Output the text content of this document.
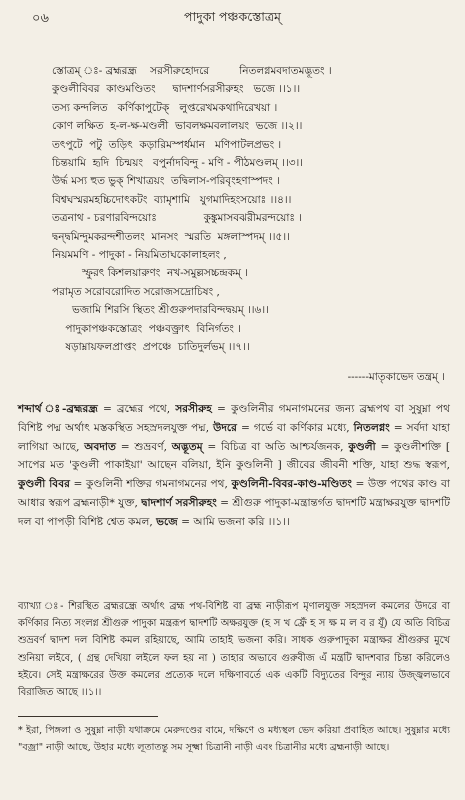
০৬	পাদুকা পঞ্চকস্তোত্রম্
স্তোত্রম্ ঃ- ব্রহ্মরন্ধ্র    সরসীরুহোদরে         নিতলগ্নমবদাতমদ্ভূতং ।
কুণ্ডলীবিবর  কাণ্ডমণ্ডিতং     দ্বাদশার্ণসরসীরুহং   ভজে ।।১।।
তস্য কন্দলিত   কর্ণিকাপুটেক্   লুপ্তরেখমকথাদিরেখয়া ।
কোণ লক্ষিত  হ-ল-ক্ষ-মণ্ডলী  ভাবলক্ষমবলালয়ং  ভজে ।।২।।
তৎপুটে  পটু  তড়িৎ  কড়ারিমস্পর্ধমান   মণিপাটলপ্রভং ।
চিন্তয়ামি  হৃদি  চিন্ময়ং   বপুর্নাদবিন্দু - মণি - পীঠমণ্ডলম্ ।।৩।।
উর্দ্ধ মস্য হুত ভুক্ শিখাত্রয়ং  তদ্বিলাস-পরিবৃংহণাস্পদং ।
বিশ্বঘস্মরমহচ্চিদোৎকটং  ব্যামৃশামি   যুগমাদিহংসয়োঃ ।।৪।।
তত্রনাথ - চরণারবিন্দয়োঃ              কুঙ্কুমাসবঝরীমরন্দয়োঃ ।
দ্বন্দ্বমিন্দুমকরন্দশীতলং  মানসং  স্মরতি  মঙ্গলাস্পদম্ ।।৫।।
নিয়মমণি - পাদুকা - নিয়মিতাঘকোলাহলং ,
স্ফুরৎ কিশলয়ারুণং  নখ-সমুল্লসচ্চন্দ্রকম্ ।
পরামৃত সরোবরোদিত সরোজসদ্রোচিষং ,
ভজামি শিরসি স্থিতং শ্রীগুরুপদারবিন্দদ্বয়ম্ ।।৬।।
পাদুকাপঞ্চকস্তোত্রং  পঞ্চবক্ত্রাৎ  বিনির্গতং ।
ষড়াম্নায়ফলপ্রাপ্তং  প্রপঞ্চে  চাতিদুর্লভম্ ।।৭।।
------মাতৃকাভেদ তন্ত্রম্ ।
শব্দার্থ ঃ-ব্রহ্মরন্ধ্র = ব্রহ্মের পথে, সরসীরুহ = কুণ্ডলিনীর গমনাগমনের জন্য ব্রহ্মপথ বা সুষুম্না পথ বিশিষ্ট পদ্ম অর্থাৎ মস্তকস্থিত সহস্রদলযুক্ত পদ্ম, উদরে = গর্ভে বা কর্ণিকার মধ্যে, নিতলগ্নং = সর্বদা যাহা লাগিয়া আছে, অবদাত = শুভ্রবর্ণ, অদ্ভূতম্ = বিচিত্র বা অতি আশ্চর্যজনক, কুণ্ডলী = কুণ্ডলীশক্তি [ সাপের মত 'কুণ্ডলী পাকাইয়া' আছেন বলিয়া, ইনি কুণ্ডলিনী ] জীবের জীবনী শক্তি, যাহা শুদ্ধ স্বরূপ, কুণ্ডলী বিবর = কুণ্ডলিনী শক্তির গমনাগমনের পথ, কুণ্ডলিনী-বিবর-কাণ্ড-মণ্ডিতং = উক্ত পথের কাণ্ড বা আধার স্বরূপ ব্রহ্মনাড়ী* যুক্ত, দ্বাদশার্ণ সরসীরুহং = শ্রীগুরু পাদুকা-মন্ত্রান্তর্গত দ্বাদশটি মন্ত্রাক্ষরযুক্ত দ্বাদশটি দল বা পাপড়ী বিশিষ্ট শ্বেত কমল, ভজে = আমি ভজনা করি ।।১।।
ব্যাখ্যা ঃ- শিরস্থিত ব্রহ্মরন্ধ্রে অর্থাৎ ব্রহ্ম পথ-বিশিষ্ট বা ব্রহ্ম নাড়ীরূপ মৃণালযুক্ত সহস্রদল কমলের উদরে বা কর্ণিকার নিত্য সংলগ্ন শ্রীগুরু পাদুকা মন্ত্ররূপ দ্বাদশটি অক্ষরযুক্ত (হ স খ ফ্রেঁ হ স ক্ষ ম ল ব র যূঁ) যে অতি বিচিত্র শুভ্রবর্ণ দ্বাদশ দল বিশিষ্ট কমল রহিয়াছে, আমি তাহাই ভজনা করি। সাধক গুরুপাদুকা মন্ত্রাক্ষর শ্রীগুরুর মুখে শুনিয়া লইবে, ( গ্রন্থ দেখিয়া লইলে ফল হয় না ) তাহার অভাবে গুরুবীজ এঁ মন্ত্রটি দ্বাদশবার চিন্তা করিলেও হইবে। সেই মন্ত্রাক্ষরের উক্ত কমলের প্রত্যেক দলে দক্ষিণাবর্তে এক একটি বিদ্যুতের বিন্দুর ন্যায় উজ্জ্বলভাবে বিরাজিত আছে ।।১।।
* ইরা, পিঙ্গলা ও সুষুম্না নাড়ী যথাক্রমে মেরুদণ্ডের বামে, দক্ষিণে ও মধ্যস্থল ভেদ করিয়া প্রবাহিত আছে। সুষুম্নার মধ্যে "বজ্রা" নাড়ী আছে, উহার মধ্যে লূতাতন্তু সম সূক্ষ্মা চিত্রানী নাড়ী এবং চিত্রানীর মধ্যে ব্রহ্মনাড়ী আছে।
